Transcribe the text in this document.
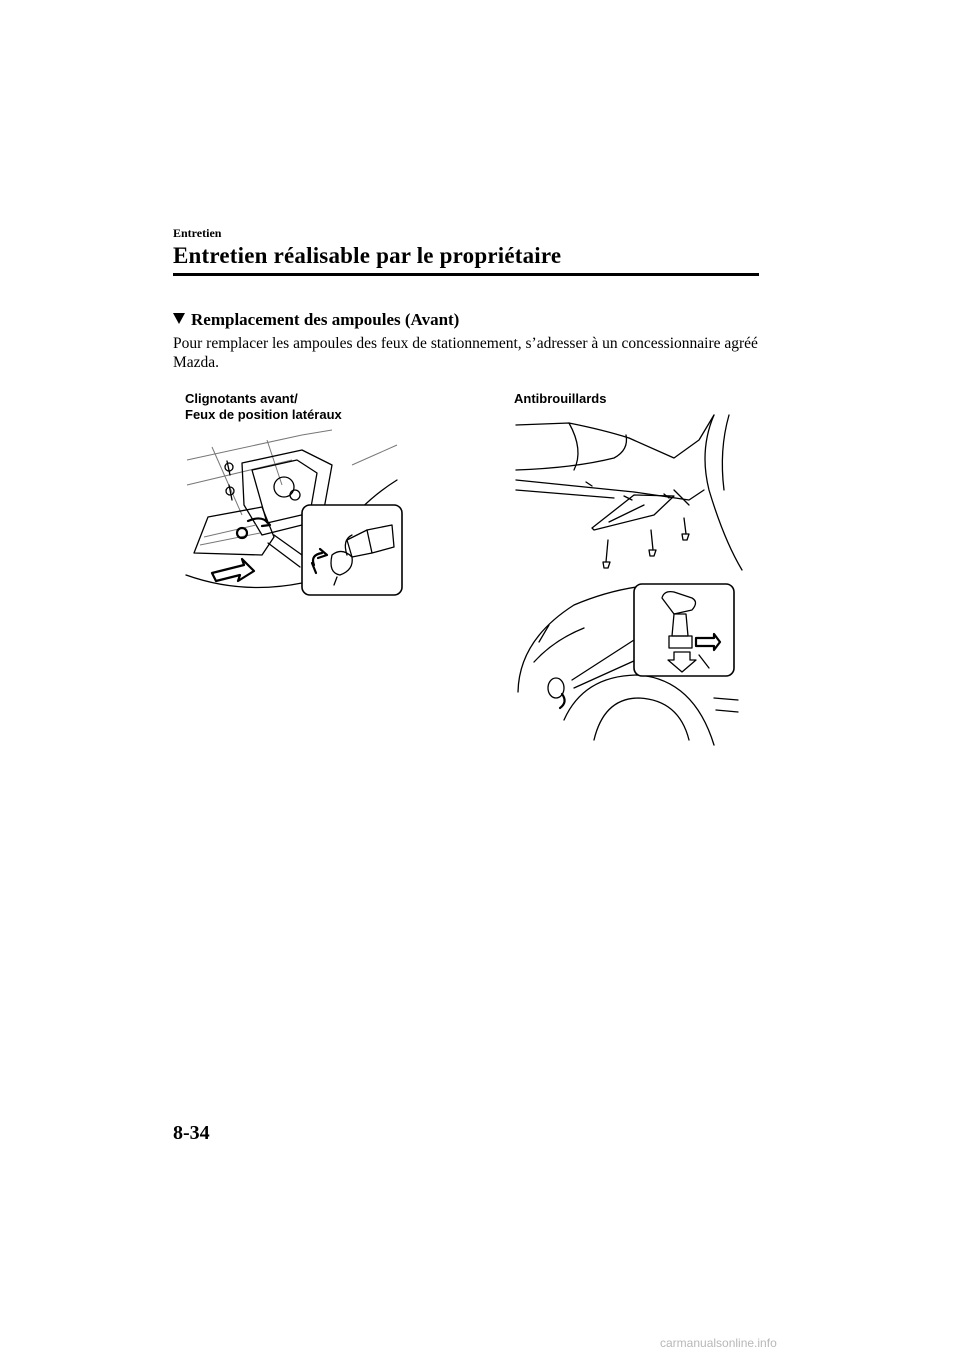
Entretien
Entretien réalisable par le propriétaire
Remplacement des ampoules (Avant)
Pour remplacer les ampoules des feux de stationnement, s’adresser à un concessionnaire agréé Mazda.
Clignotants avant/
Feux de position latéraux
Antibrouillards
8-34
carmanualsonline.info
